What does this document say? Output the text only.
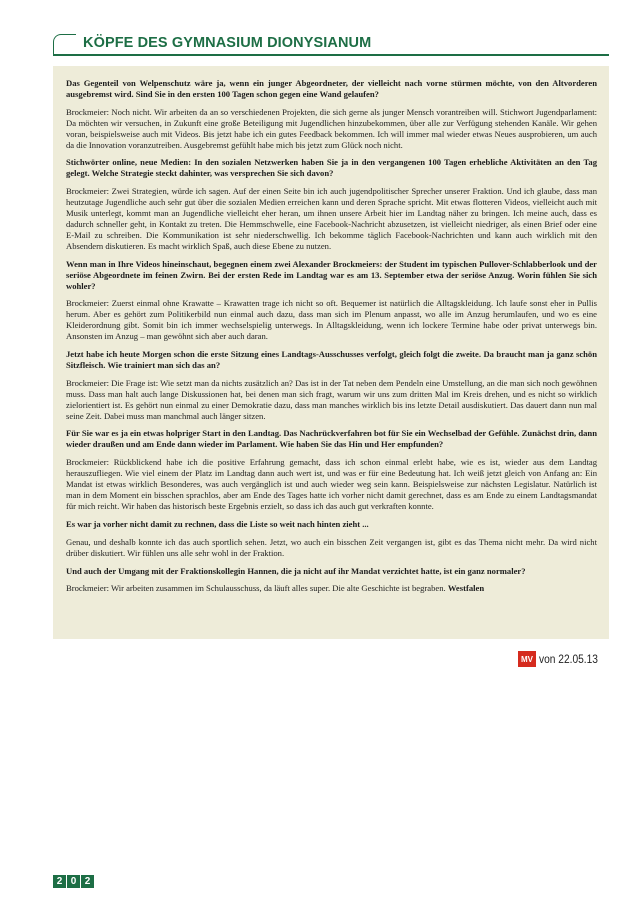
KÖPFE DES GYMNASIUM DIONYSIANUM

Das Gegenteil von Welpenschutz wäre ja, wenn ein junger Abgeordneter, der vielleicht nach vorne stürmen möchte, von den Altvorderen ausgebremst wird. Sind Sie in den ersten 100 Tagen schon gegen eine Wand gelaufen?

Brockmeier: Noch nicht. Wir arbeiten da an so verschiedenen Projekten, die sich gerne als junger Mensch vorantreiben will. Stichwort Jugendparlament: Da möchten wir versuchen, in Zukunft eine große Beteiligung mit Jugendlichen hinzubekommen, über alle zur Verfügung stehenden Kanäle. Wir gehen voran, beispielsweise auch mit Videos. Bis jetzt habe ich ein gutes Feedback bekommen. Ich will immer mal wieder etwas Neues ausprobieren, um auch da die Innovation voranzutreiben. Ausgebremst gefühlt habe mich bis jetzt zum Glück noch nicht.

Stichwörter online, neue Medien: In den sozialen Netzwerken haben Sie ja in den vergangenen 100 Tagen erhebliche Aktivitäten an den Tag gelegt. Welche Strategie steckt dahinter, was versprechen Sie sich davon?

Brockmeier: Zwei Strategien, würde ich sagen. Auf der einen Seite bin ich auch jugendpolitischer Sprecher unserer Fraktion. Und ich glaube, dass man heutzutage Jugendliche auch sehr gut über die sozialen Medien erreichen kann und deren Sprache spricht. Mit etwas flotteren Videos, vielleicht auch mit Musik unterlegt, kommt man an Jugendliche vielleicht eher heran, um ihnen unsere Arbeit hier im Landtag näher zu bringen. Ich meine auch, dass es dadurch schneller geht, in Kontakt zu treten. Die Hemmschwelle, eine Facebook-Nachricht abzusetzen, ist vielleicht niedriger, als einen Brief oder eine E-Mail zu schreiben. Die Kommunikation ist sehr niederschwellig. Ich bekomme täglich Facebook-Nachrichten und kann auch wirklich mit den Absendern diskutieren. Es macht wirklich Spaß, auch diese Ebene zu nutzen.

Wenn man in Ihre Videos hineinschaut, begegnen einem zwei Alexander Brockmeiers: der Student im typischen Pullover-Schlabberlook und der seriöse Abgeordnete im feinen Zwirn. Bei der ersten Rede im Landtag war es am 13. September etwa der seriöse Anzug. Worin fühlen Sie sich wohler?

Brockmeier: Zuerst einmal ohne Krawatte – Krawatten trage ich nicht so oft. Bequemer ist natürlich die Alltagskleidung. Ich laufe sonst eher in Pullis herum. Aber es gehört zum Politikerbild nun einmal auch dazu, dass man sich im Plenum anpasst, wo alle im Anzug herumlaufen, und wo es eine Kleiderordnung gibt. Somit bin ich immer wechselspielig unterwegs. In Alltagskleidung, wenn ich lockere Termine habe oder privat unterwegs bin. Ansonsten im Anzug – man gewöhnt sich aber auch daran.

Jetzt habe ich heute Morgen schon die erste Sitzung eines Landtags-Ausschusses verfolgt, gleich folgt die zweite. Da braucht man ja ganz schön Sitzfleisch. Wie trainiert man sich das an?

Brockmeier: Die Frage ist: Wie setzt man da nichts zusätzlich an? Das ist in der Tat neben dem Pendeln eine Umstellung, an die man sich noch gewöhnen muss. Dass man halt auch lange Diskussionen hat, bei denen man sich fragt, warum wir uns zum dritten Mal im Kreis drehen, und es nicht so wirklich zielorientiert ist. Es gehört nun einmal zu einer Demokratie dazu, dass man manches wirklich bis ins letzte Detail ausdiskutiert. Das dauert dann nun mal seine Zeit. Dabei muss man manchmal auch länger sitzen.

Für Sie war es ja ein etwas holpriger Start in den Landtag. Das Nachrückverfahren bot für Sie ein Wechselbad der Gefühle. Zunächst drin, dann wieder draußen und am Ende dann wieder im Parlament. Wie haben Sie das Hin und Her empfunden?

Brockmeier: Rückblickend habe ich die positive Erfahrung gemacht, dass ich schon einmal erlebt habe, wie es ist, wieder aus dem Landtag herauszufliegen. Wie viel einem der Platz im Landtag dann auch wert ist, und was er für eine Bedeutung hat. Ich weiß jetzt gleich von Anfang an: Ein Mandat ist etwas wirklich Besonderes, was auch vergänglich ist und auch wieder weg sein kann. Beispielsweise zur nächsten Legislatur. Natürlich ist man in dem Moment ein bisschen sprachlos, aber am Ende des Tages hatte ich vorher nicht damit gerechnet, dass es am Ende zu einem Landtagsmandat für mich reicht. Wir haben das historisch beste Ergebnis erzielt, so dass ich das auch gut verkraften konnte.

Es war ja vorher nicht damit zu rechnen, dass die Liste so weit nach hinten zieht ...

Genau, und deshalb konnte ich das auch sportlich sehen. Jetzt, wo auch ein bisschen Zeit vergangen ist, gibt es das Thema nicht mehr. Da wird nicht drüber diskutiert. Wir fühlen uns alle sehr wohl in der Fraktion.

Und auch der Umgang mit der Fraktionskollegin Hannen, die ja nicht auf ihr Mandat verzichtet hatte, ist ein ganz normaler?

Brockmeier: Wir arbeiten zusammen im Schulausschuss, da läuft alles super. Die alte Geschichte ist begraben. Westfalen

MV von 22.05.13
2 0 2
